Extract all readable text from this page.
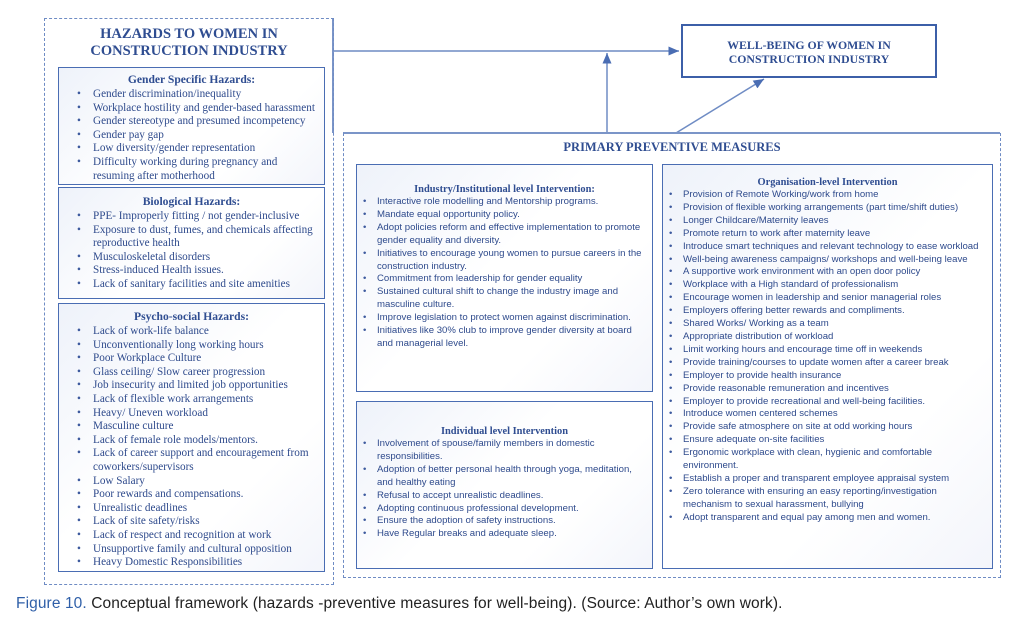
HAZARDS TO WOMEN IN
CONSTRUCTION INDUSTRY
Gender Specific Hazards:
• Gender discrimination/inequality
• Workplace hostility and gender-based harassment
• Gender stereotype and presumed incompetency
• Gender pay gap
• Low diversity/gender representation
• Difficulty working during pregnancy and resuming after motherhood
Biological Hazards:
• PPE- Improperly fitting / not gender-inclusive
• Exposure to dust, fumes, and chemicals affecting reproductive health
• Musculoskeletal disorders
• Stress-induced Health issues.
• Lack of sanitary facilities and site amenities
Psycho-social Hazards:
• Lack of work-life balance
• Unconventionally long working hours
• Poor Workplace Culture
• Glass ceiling/ Slow career progression
• Job insecurity and limited job opportunities
• Lack of flexible work arrangements
• Heavy/ Uneven workload
• Masculine culture
• Lack of female role models/mentors.
• Lack of career support and encouragement from coworkers/supervisors
• Low Salary
• Poor rewards and compensations.
• Unrealistic deadlines
• Lack of site safety/risks
• Lack of respect and recognition at work
• Unsupportive family and cultural opposition
• Heavy Domestic Responsibilities
WELL-BEING OF WOMEN IN
CONSTRUCTION INDUSTRY
PRIMARY PREVENTIVE MEASURES
Industry/Institutional level Intervention:
• Interactive role modelling and Mentorship programs.
• Mandate equal opportunity policy.
• Adopt policies reform and effective implementation to promote gender equality and diversity.
• Initiatives to encourage young women to pursue careers in the construction industry.
• Commitment from leadership for gender equality
• Sustained cultural shift to change the industry image and masculine culture.
• Improve legislation to protect women against discrimination.
• Initiatives like 30% club to improve gender diversity at board and managerial level.
Individual level Intervention
• Involvement of spouse/family members in domestic responsibilities.
• Adoption of better personal health through yoga, meditation, and healthy eating
• Refusal to accept unrealistic deadlines.
• Adopting continuous professional development.
• Ensure the adoption of safety instructions.
• Have Regular breaks and adequate sleep.
Organisation-level Intervention
• Provision of Remote Working/work from home
• Provision of flexible working arrangements (part time/shift duties)
• Longer Childcare/Maternity leaves
• Promote return to work after maternity leave
• Introduce smart techniques and relevant technology to ease workload
• Well-being awareness campaigns/ workshops and well-being leave
• A supportive work environment with an open door policy
• Workplace with a High standard of professionalism
• Encourage women in leadership and senior managerial roles
• Employers offering better rewards and compliments.
• Shared Works/ Working as a team
• Appropriate distribution of workload
• Limit working hours and encourage time off in weekends
• Provide training/courses to update women after a career break
• Employer to provide health insurance
• Provide reasonable remuneration and incentives
• Employer to provide recreational and well-being facilities.
• Introduce women centered schemes
• Provide safe atmosphere on site at odd working hours
• Ensure adequate on-site facilities
• Ergonomic workplace with clean, hygienic and comfortable environment.
• Establish a proper and transparent employee appraisal system
• Zero tolerance with ensuring an easy reporting/investigation mechanism to sexual harassment, bullying
• Adopt transparent and equal pay among men and women.
Figure 10. Conceptual framework (hazards -preventive measures for well-being). (Source: Author’s own work).
